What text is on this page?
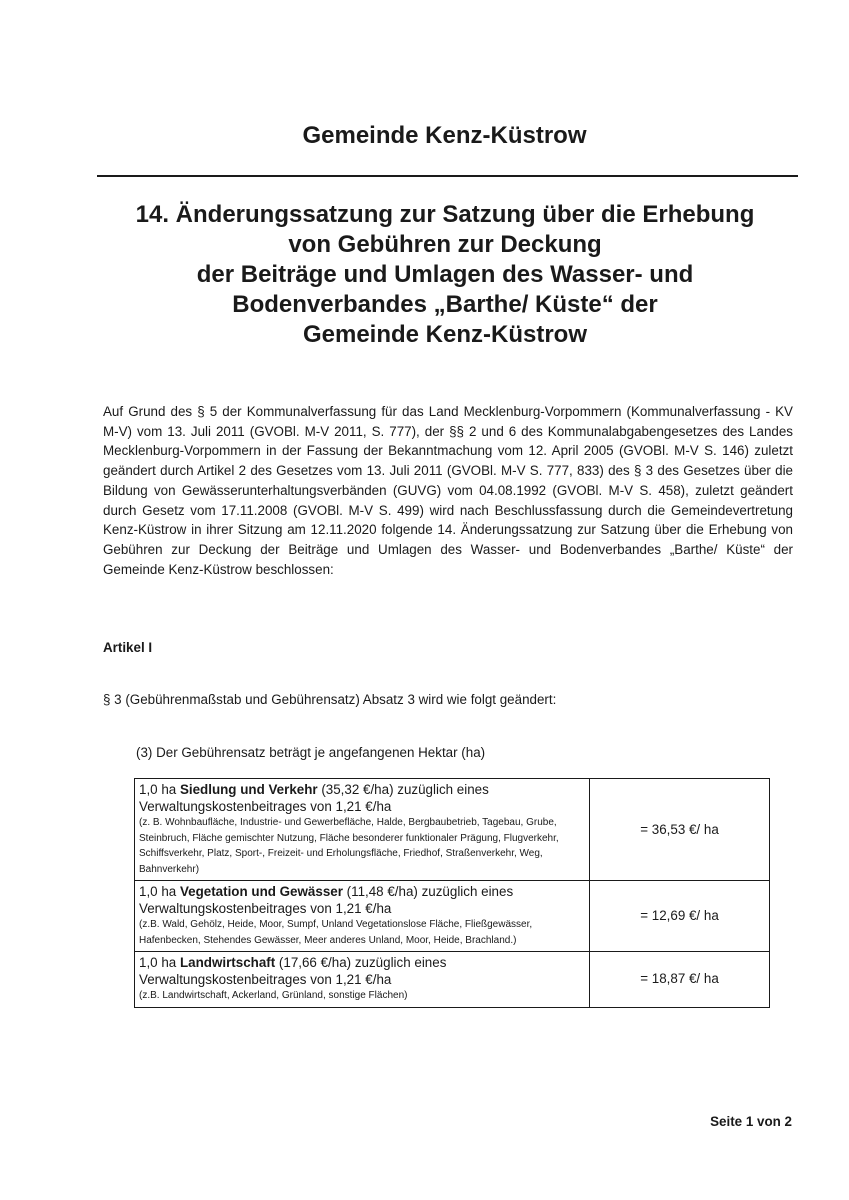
Gemeinde Kenz-Küstrow
14. Änderungssatzung zur Satzung über die Erhebung
von Gebühren zur Deckung
der Beiträge und Umlagen des Wasser- und
Bodenverbandes „Barthe/ Küste“ der
Gemeinde Kenz-Küstrow
Auf Grund des § 5 der Kommunalverfassung für das Land Mecklenburg-Vorpommern (Kommunalverfassung - KV M-V) vom 13. Juli 2011 (GVOBl. M-V 2011, S. 777), der §§ 2 und 6 des Kommunalabgabengesetzes des Landes Mecklenburg-Vorpommern in der Fassung der Bekanntmachung vom 12. April 2005 (GVOBl. M-V S. 146) zuletzt geändert durch Artikel 2 des Gesetzes vom 13. Juli 2011 (GVOBl. M-V S. 777, 833) des § 3 des Gesetzes über die Bildung von Gewässerunterhaltungsverbänden (GUVG) vom 04.08.1992 (GVOBl. M-V S. 458), zuletzt geändert durch Gesetz vom 17.11.2008 (GVOBl. M-V S. 499) wird nach Beschlussfassung durch die Gemeindevertretung Kenz-Küstrow in ihrer Sitzung am 12.11.2020 folgende 14. Änderungssatzung zur Satzung über die Erhebung von Gebühren zur Deckung der Beiträge und Umlagen des Wasser- und Bodenverbandes „Barthe/ Küste“ der Gemeinde Kenz-Küstrow beschlossen:
Artikel I
§ 3 (Gebührenmaßstab und Gebührensatz) Absatz 3 wird wie folgt geändert:
(3) Der Gebührensatz beträgt je angefangenen Hektar (ha)
1,0 ha Siedlung und Verkehr (35,32 €/ha) zuzüglich eines Verwaltungskostenbeitrages von 1,21 €/ha
(z. B. Wohnbaufläche, Industrie- und Gewerbefläche, Halde, Bergbaubetrieb, Tagebau, Grube, Steinbruch, Fläche gemischter Nutzung, Fläche besonderer funktionaler Prägung, Flugverkehr, Schiffsverkehr, Platz, Sport-, Freizeit- und Erholungsfläche, Friedhof, Straßenverkehr, Weg, Bahnverkehr)	= 36,53 €/ ha

1,0 ha Vegetation und Gewässer (11,48 €/ha) zuzüglich eines Verwaltungskostenbeitrages von 1,21 €/ha
(z.B. Wald, Gehölz, Heide, Moor, Sumpf, Unland Vegetationslose Fläche, Fließgewässer, Hafenbecken, Stehendes Gewässer, Meer anderes Unland, Moor, Heide, Brachland.)	= 12,69 €/ ha

1,0 ha Landwirtschaft (17,66 €/ha) zuzüglich eines Verwaltungskostenbeitrages von 1,21 €/ha
(z.B. Landwirtschaft, Ackerland, Grünland, sonstige Flächen)	= 18,87 €/ ha
Seite 1 von 2
